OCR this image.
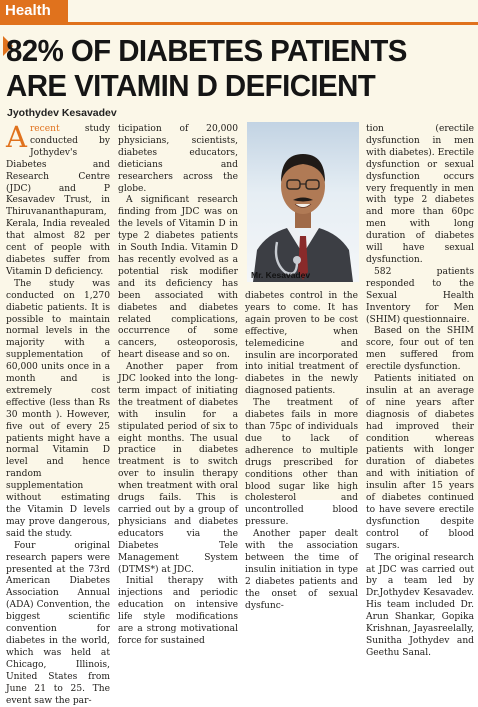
Health
82% OF DIABETES PATIENTS
ARE VITAMIN D DEFICIENT
Jyothydev Kesavadev

Arecent study conducted by Jothydev's Diabetes and Research Centre (JDC) and P Kesavadev Trust, in Thiruvananthapuram, Kerala, India revealed that almost 82 per cent of people with diabetes suffer from Vitamin D deficiency.

The study was conducted on 1,270 diabetic patients. It is possible to maintain normal levels in the majority with a supplementation of 60,000 units once in a month and is extremely cost effective (less than Rs 30 month ). However, five out of every 25 patients might have a normal Vitamin D level and hence random supplementation without estimating the Vitamin D levels may prove dangerous, said the study.

Four original research papers were presented at the 73rd American Diabetes Association Annual (ADA) Convention, the biggest scientific convention for diabetes in the world, which was held at Chicago, Illinois, United States from June 21 to 25. The event saw the par-

ticipation of 20,000 physicians, scientists, diabetes educators, dieticians and researchers across the globe.

A significant research finding from JDC was on the levels of Vitamin D in type 2 diabetes patients in South India. Vitamin D has recently evolved as a potential risk modifier and its deficiency has been associated with diabetes and diabetes related complications, occurrence of some cancers, osteoporosis, heart disease and so on.

Another paper from JDC looked into the long-term impact of initiating the treatment of diabetes with insulin for a stipulated period of six to eight months. The usual practice in diabetes treatment is to switch over to insulin therapy when treatment with oral drugs fails. This is carried out by a group of physicians and diabetes educators via the Diabetes Tele Management System (DTMS*) at JDC.

Initial therapy with injections and periodic education on intensive life style modifications are a strong motivational force for sustained

Mr. Kesavadev

diabetes control in the years to come. It has again proven to be cost effective, when telemedicine and insulin are incorporated into initial treatment of diabetes in the newly diagnosed patients.

The treatment of diabetes fails in more than 75pc of individuals due to lack of adherence to multiple drugs prescribed for conditions other than blood sugar like high cholesterol and uncontrolled blood pressure.

Another paper dealt with the association between the time of insulin initiation in type 2 diabetes patients and the onset of sexual dysfunc-

tion (erectile dysfunction in men with diabetes). Erectile dysfunction or sexual dysfunction occurs very frequently in men with type 2 diabetes and more than 60pc men with long duration of diabetes will have sexual dysfunction.

582 patients responded to the Sexual Health Inventory for Men (SHIM) questionnaire.

Based on the SHIM score, four out of ten men suffered from erectile dysfunction.

Patients initiated on insulin at an average of nine years after diagnosis of diabetes had improved their condition whereas patients with longer duration of diabetes and with initiation of insulin after 15 years of diabetes continued to have severe erectile dysfunction despite control of blood sugars.

The original research at JDC was carried out by a team led by Dr.Jothydev Kesavadev. His team included Dr. Arun Shankar, Gopika Krishnan, Jayasreelally, Sunitha Jothydev and Geethu Sanal.
